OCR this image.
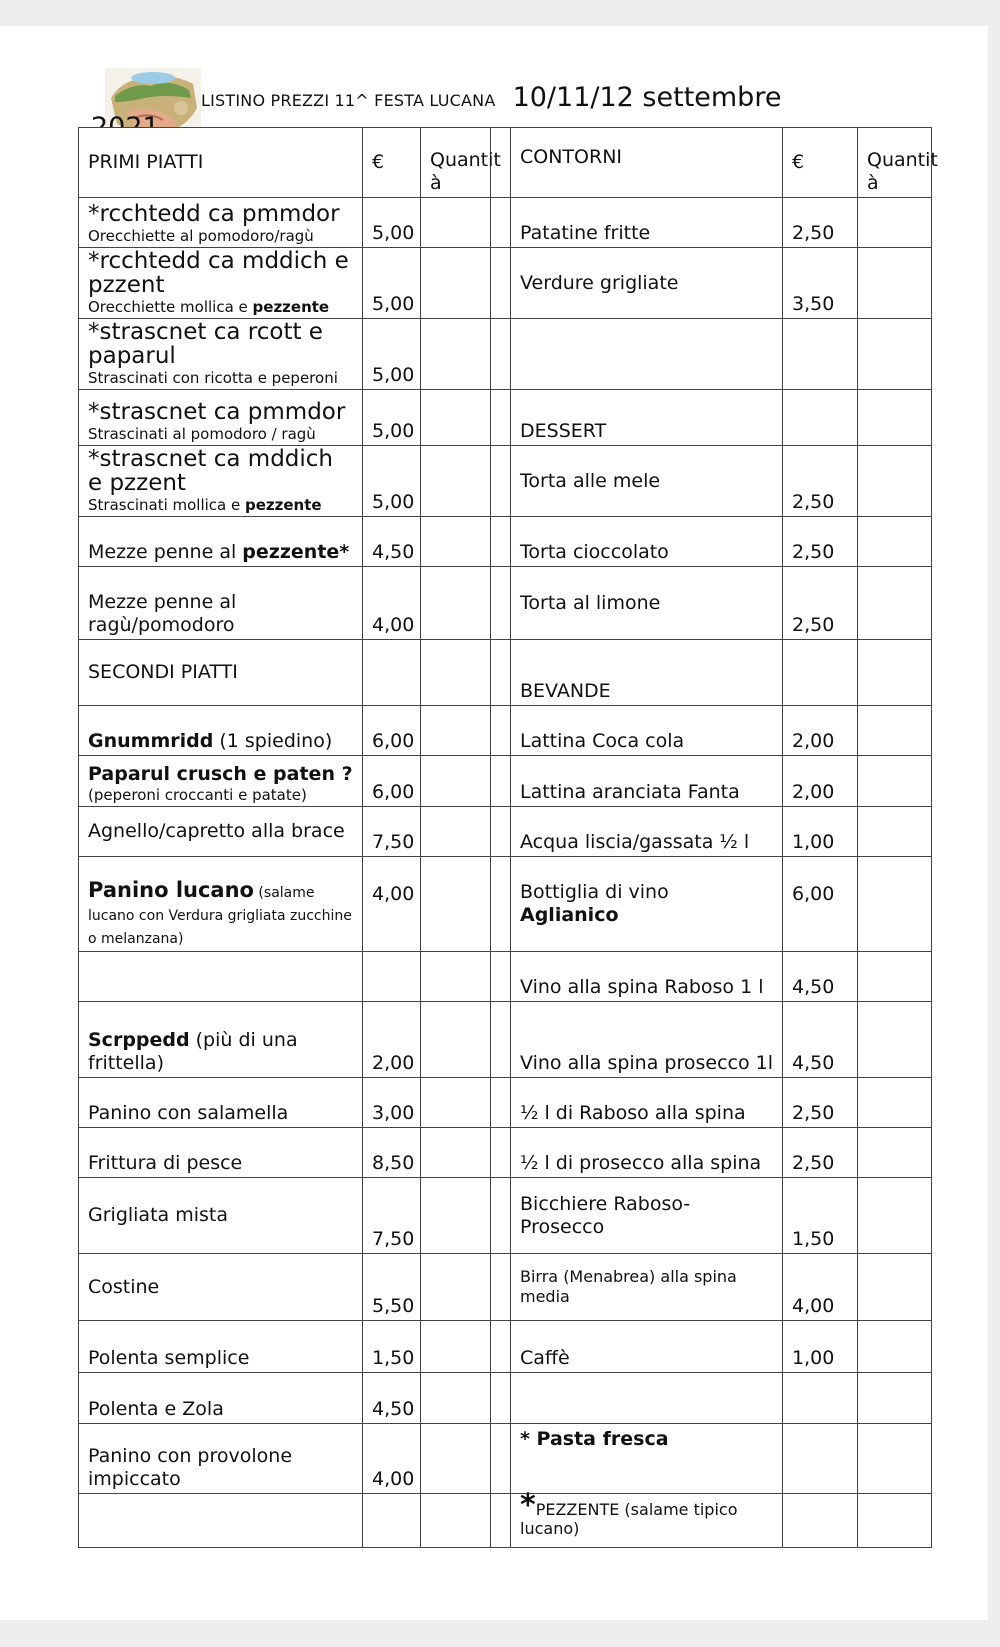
LISTINO PREZZI 11^ FESTA LUCANA 10/11/12 settembre
PRIMI PIATTI	€	Quantit à		CONTORNI	€	Quantit à
*rcchtedd ca pmmdor
Orecchiette al pomodoro/ragù	5,00			Patatine fritte	2,50	
*rcchtedd ca mddich e pzzent
Orecchiette mollica e pezzente	5,00			Verdure grigliate	3,50	
*strascnet ca rcott e paparul
Strascinati con ricotta e peperoni	5,00					
*strascnet ca pmmdor
Strascinati al pomodoro / ragù	5,00			DESSERT		
*strascnet ca mddich e pzzent
Strascinati mollica e pezzente	5,00			Torta alle mele	2,50	
Mezze penne al pezzente*	4,50			Torta cioccolato	2,50	
Mezze penne al ragù/pomodoro	4,00			Torta al limone	2,50	
SECONDI PIATTI				BEVANDE		
Gnummridd (1 spiedino)	6,00			Lattina Coca cola	2,00	
Paparul crusch e paten ?
(peperoni croccanti e patate)	6,00			Lattina aranciata Fanta	2,00	
Agnello/capretto alla brace	7,50			Acqua liscia/gassata ½ l	1,00	
Panino lucano (salame lucano con Verdura grigliata zucchine o melanzana)	4,00			Bottiglia di vino Aglianico	6,00	
				Vino alla spina Raboso 1 l	4,50	
Scrppedd (più di una frittella)	2,00			Vino alla spina prosecco 1l	4,50	
Panino con salamella	3,00			½ l di Raboso alla spina	2,50	
Frittura di pesce	8,50			½ l di prosecco alla spina	2,50	
Grigliata mista	7,50			Bicchiere Raboso-Prosecco	1,50	
Costine	5,50			Birra (Menabrea) alla spina media	4,00	
Polenta semplice	1,50			Caffè	1,00	
Polenta e Zola	4,50					
Panino con provolone impiccato	4,00			* Pasta fresca		
				*PEZZENTE (salame tipico lucano)		
